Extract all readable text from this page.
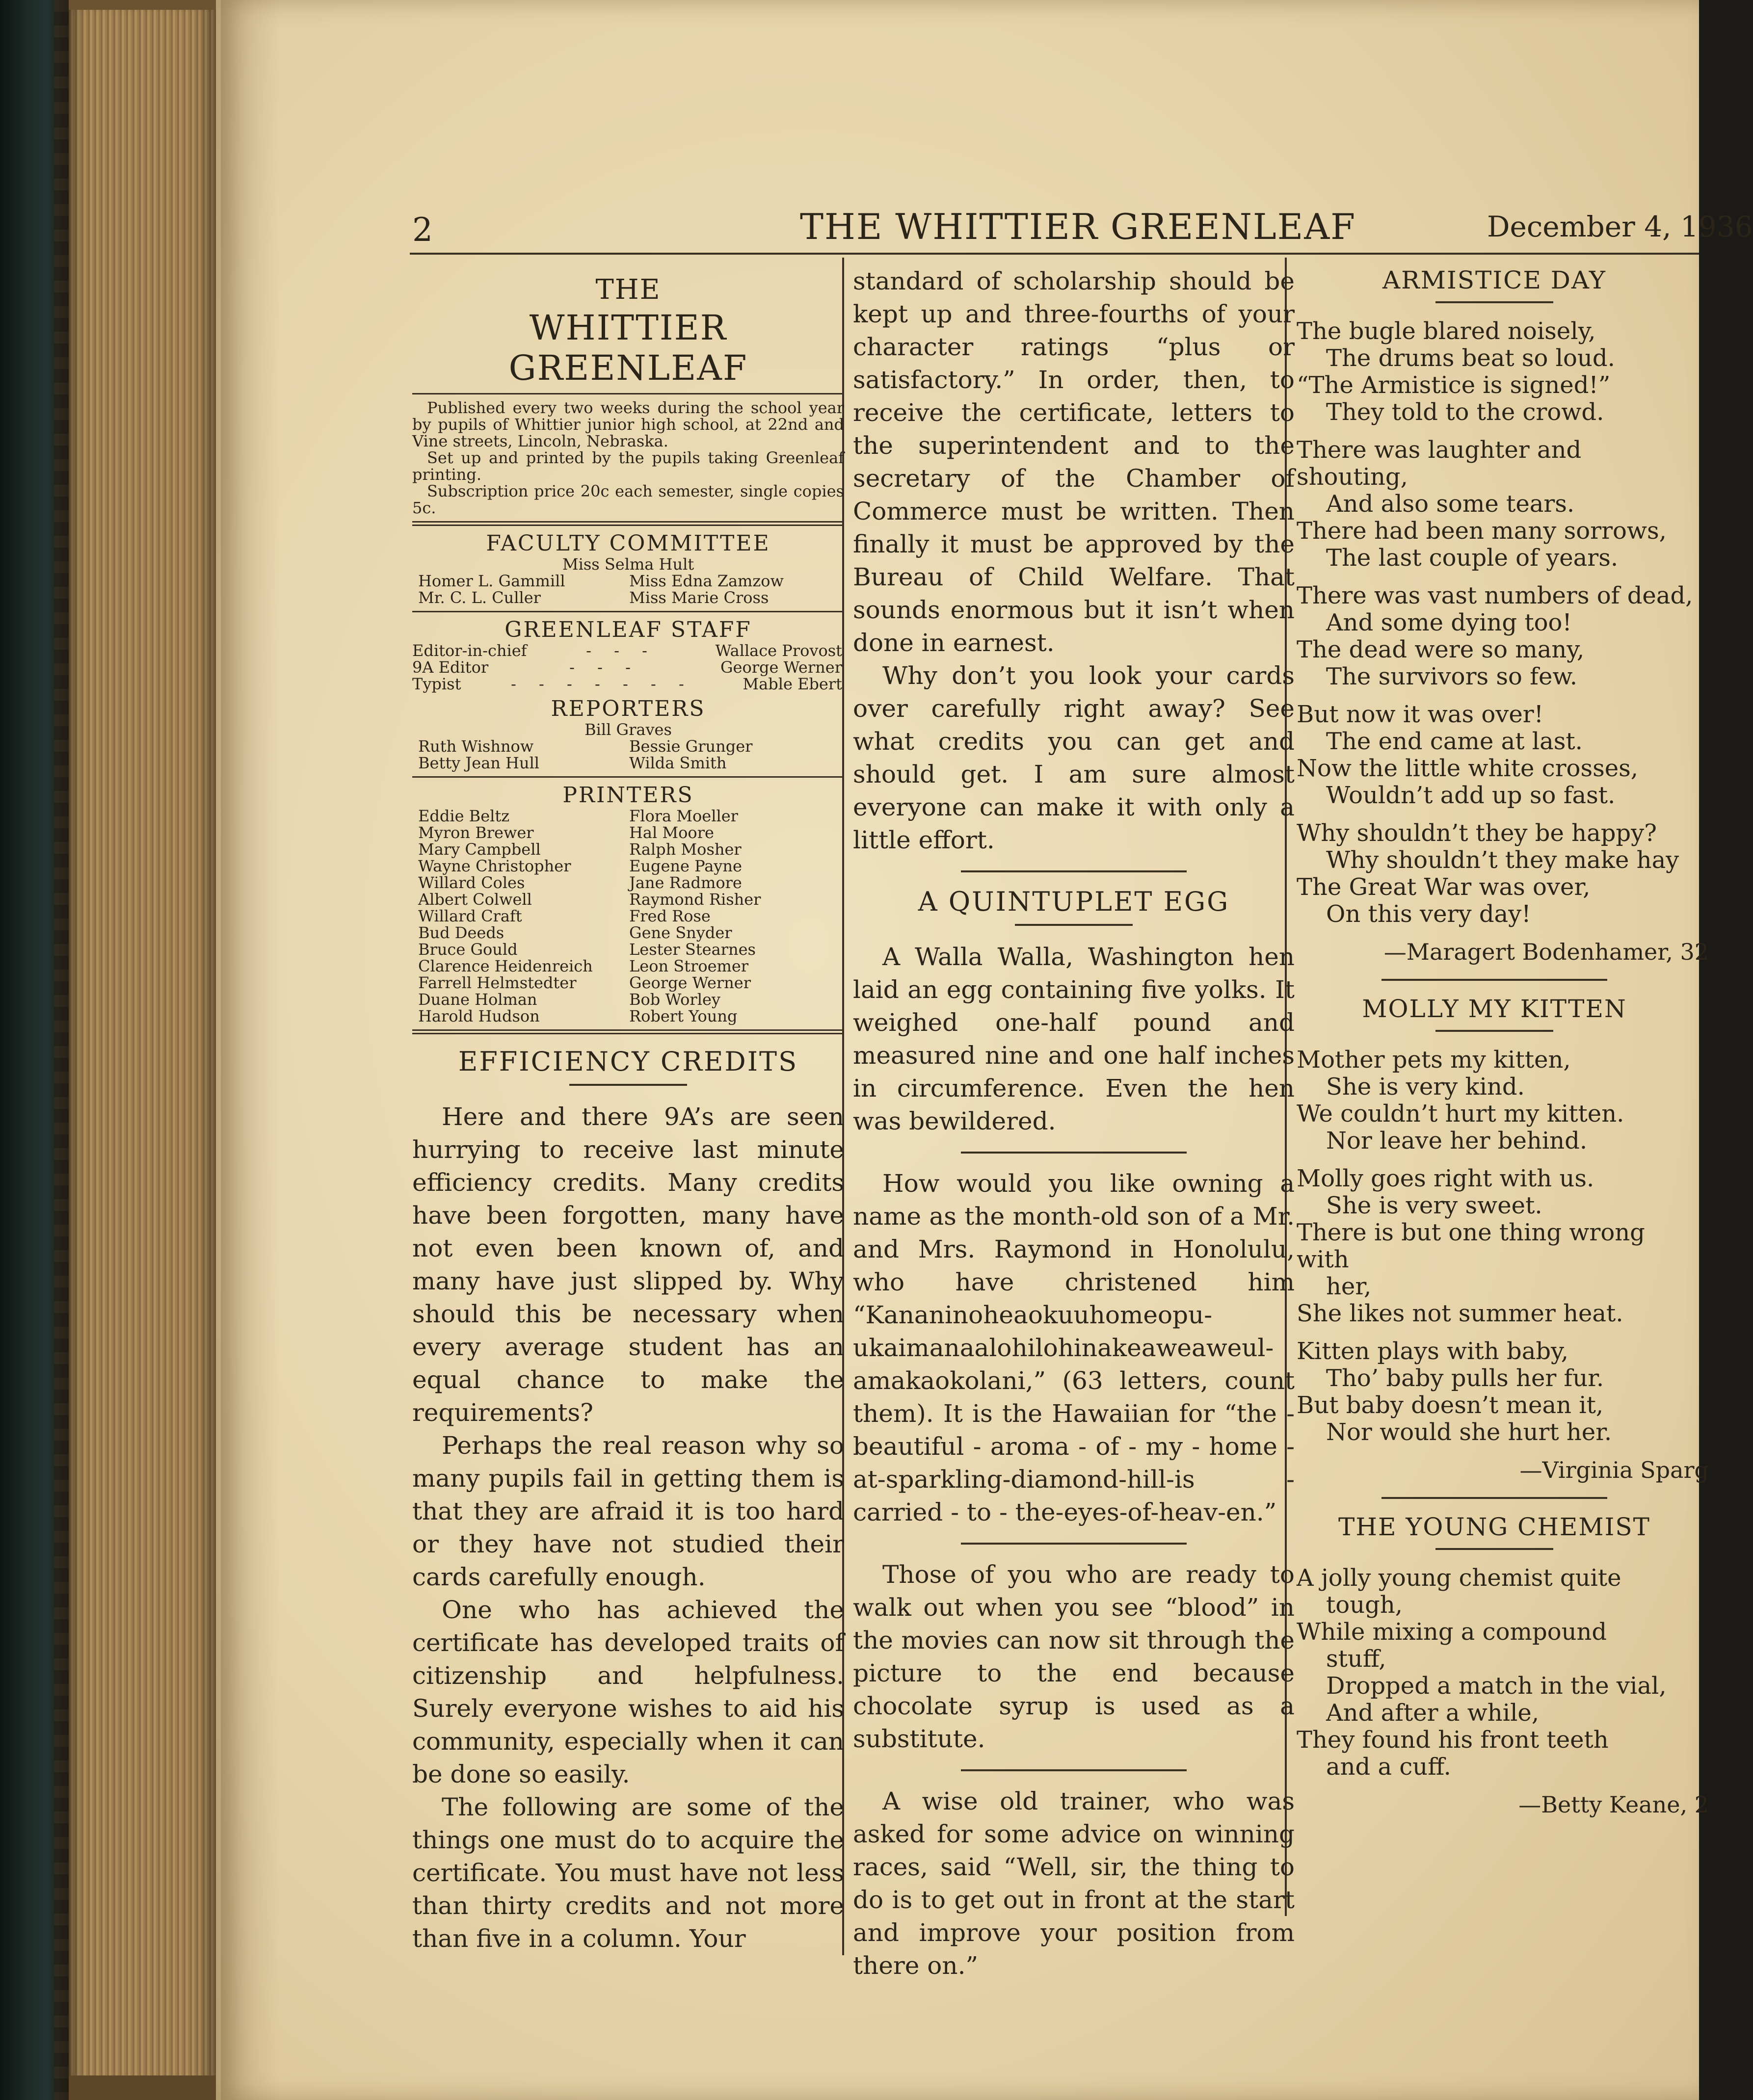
2	THE WHITTIER GREENLEAF	December 4, 1936
THE
WHITTIER GREENLEAF

Published every two weeks during the school year by pupils of Whittier junior high school, at 22nd and Vine streets, Lincoln, Nebraska.

Set up and printed by the pupils taking Greenleaf printing.

Subscription price 20c each semester, single copies 5c.

FACULTY COMMITTEE
Miss Selma Hult
Homer L. Gammill	Miss Edna Zamzow
Mr. C. L. Culler	Miss Marie Cross
GREENLEAF STAFF
Editor-in-chief	- - -	Wallace Provost
9A Editor	- - -	George Werner
Typist	- - - - - - -	Mable Ebert
REPORTERS
Bill Graves
Ruth Wishnow	Bessie Grunger
Betty Jean Hull	Wilda Smith
PRINTERS
Eddie Beltz	Flora Moeller
Myron Brewer	Hal Moore
Mary Campbell	Ralph Mosher
Wayne Christopher	Eugene Payne
Willard Coles	Jane Radmore
Albert Colwell	Raymond Risher
Willard Craft	Fred Rose
Bud Deeds	Gene Snyder
Bruce Gould	Lester Stearnes
Clarence Heidenreich	Leon Stroemer
Farrell Helmstedter	George Werner
Duane Holman	Bob Worley
Harold Hudson	Robert Young
EFFICIENCY CREDITS

Here and there 9A’s are seen hurrying to receive last minute efficiency credits. Many credits have been forgotten, many have not even been known of, and many have just slipped by. Why should this be necessary when every average student has an equal chance to make the requirements?

Perhaps the real reason why so many pupils fail in getting them is that they are afraid it is too hard or they have not studied their cards carefully enough.

One who has achieved the certificate has developed traits of citizenship and helpfulness. Surely everyone wishes to aid his community, especially when it can be done so easily.

The following are some of the things one must do to acquire the certificate. You must have not less than thirty credits and not more than five in a column. Your

standard of scholarship should be kept up and three-fourths of your character ratings “plus or satisfactory.” In order, then, to receive the certificate, letters to the superintendent and to the secretary of the Chamber of Commerce must be written. Then finally it must be approved by the Bureau of Child Welfare. That sounds enormous but it isn’t when done in earnest.

Why don’t you look your cards over carefully right away? See what credits you can get and should get. I am sure almost everyone can make it with only a little effort.

A QUINTUPLET EGG

A Walla Walla, Washington hen laid an egg containing five yolks. It weighed one-half pound and measured nine and one half inches in circumference. Even the hen was bewildered.

How would you like owning a name as the month-old son of a Mr. and Mrs. Raymond in Honolulu, who have christened him “Kananinoheaokuuhomeopu-ukaimanaalohilohinakeaweaweul-amakaokolani,” (63 letters, count them). It is the Hawaiian for “the - beautiful - aroma - of - my - home - at-sparkling-diamond-hill-is - carried - to - the-eyes-of-heav-en.”

Those of you who are ready to walk out when you see “blood” in the movies can now sit through the picture to the end because chocolate syrup is used as a substitute.

A wise old trainer, who was asked for some advice on winning races, said “Well, sir, the thing to do is to get out in front at the start and improve your position from there on.”

ARMISTICE DAY
The bugle blared noisely,
The drums beat so loud.
“The Armistice is signed!”
They told to the crowd.
There was laughter and shouting,
And also some tears.
There had been many sorrows,
The last couple of years.
There was vast numbers of dead,
And some dying too!
The dead were so many,
The survivors so few.
But now it was over!
The end came at last.
Now the little white crosses,
Wouldn’t add up so fast.
Why shouldn’t they be happy?
Why shouldn’t they make hay
The Great War was over,
On this very day!
—Maragert Bodenhamer, 32
MOLLY MY KITTEN
Mother pets my kitten,
She is very kind.
We couldn’t hurt my kitten.
Nor leave her behind.
Molly goes right with us.
She is very sweet.
There is but one thing wrong with
her,
She likes not summer heat.
Kitten plays with baby,
Tho’ baby pulls her fur.
But baby doesn’t mean it,
Nor would she hurt her.
—Virginia Sparg
THE YOUNG CHEMIST
A jolly young chemist quite
tough,
While mixing a compound
stuff,
Dropped a match in the vial,
And after a while,
They found his front teeth
and a cuff.
—Betty Keane, 2
